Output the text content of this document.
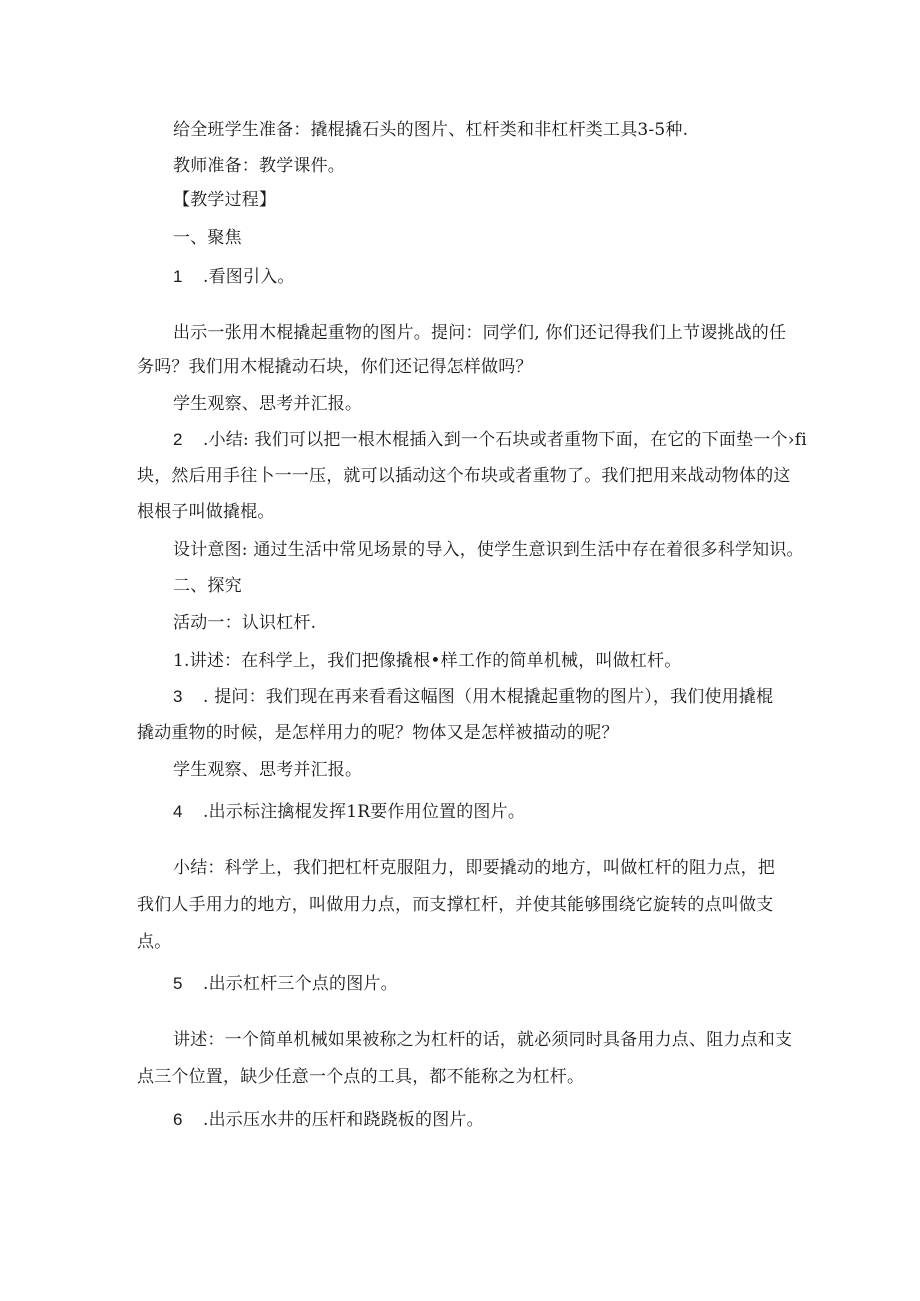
给全班学生准备：撬棍撬石头的图片、杠杆类和非杠杆类工具3-5种.

教师准备：教学课件。

【教学过程】

一、聚焦

1 .看图引入。

出示一张用木棍撬起重物的图片。提问：同学们, 你们还记得我们上节谡挑战的任

务吗？我们用木棍撬动石块，你们还记得怎样做吗？

学生观察、思考并汇报。

2 .小结: 我们可以把一根木棍插入到一个石块或者重物下面，在它的下面垫一个›fi

块，然后用手往卜一一压，就可以插动这个布块或者重物了。我们把用来战动物体的这

根根子叫做撬棍。

设计意图: 通过生活中常见场景的导入，使学生意识到生活中存在着很多科学知识。

二、探究

活动一：认识杠杆.

1.讲述：在科学上，我们把像撬根•样工作的简单机械，叫做杠杆。

3 . 提问：我们现在再来看看这幅图（用木棍撬起重物的图片），我们使用撬棍

撬动重物的时候，是怎样用力的呢？物体又是怎样被描动的呢？

学生观察、思考并汇报。

4 .出示标注擒棍发挥1R要作用位置的图片。

小结：科学上，我们把杠杆克服阻力，即要撬动的地方，叫做杠杆的阻力点，把

我们人手用力的地方，叫做用力点，而支撑杠杆，并使其能够围绕它旋转的点叫做支

点。

5 .出示杠杆三个点的图片。

讲述：一个简单机械如果被称之为杠杆的话，就必须同时具备用力点、阻力点和支

点三个位置，缺少任意一个点的工具，都不能称之为杠杆。

6 .出示压水井的压杆和跷跷板的图片。
